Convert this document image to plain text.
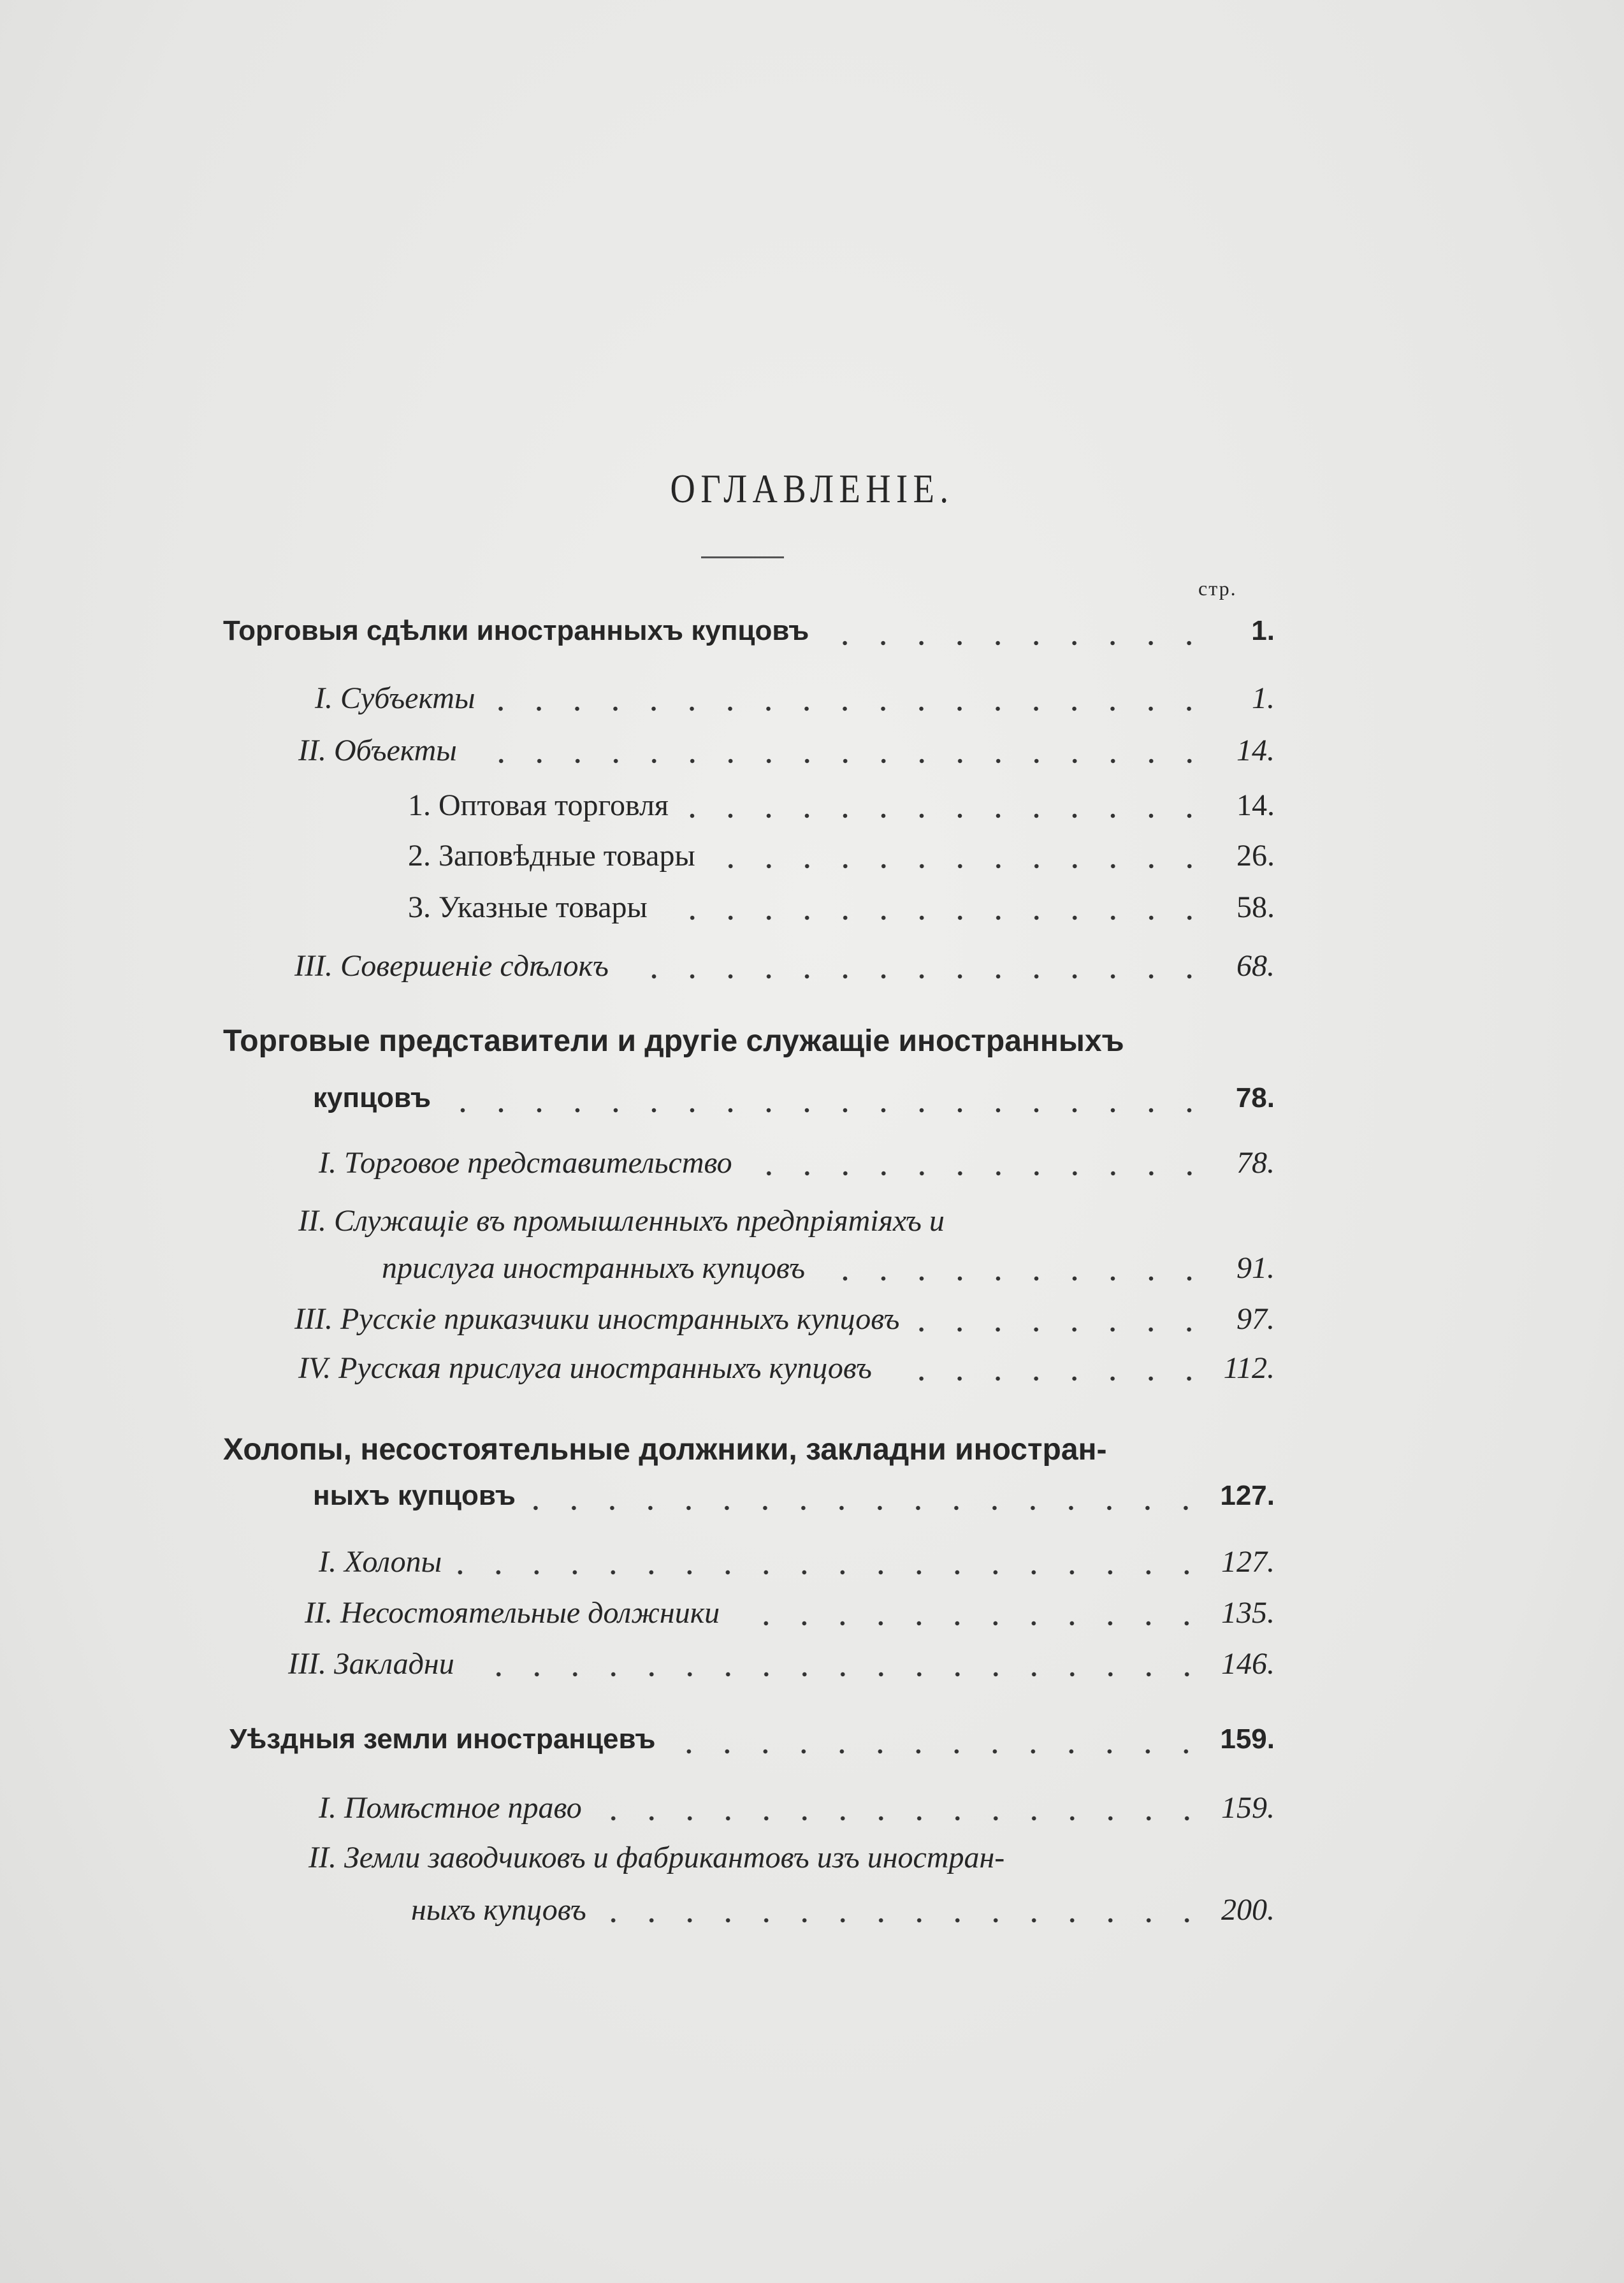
ОГЛАВЛЕНІЕ.
стр.
Торговыя сдѣлки иностранныхъ купцовъ	1.
I. Субъекты	1.
II. Объекты	14.
1. Оптовая торговля	14.
2. Заповѣдные товары	26.
3. Указные товары	58.
III. Совершеніе сдѣлокъ	68.
Торговые представители и другіе служащіе иностранныхъ
купцовъ	78.
I. Торговое представительство	78.
II. Служащіе въ промышленныхъ предпріятіяхъ и
прислуга иностранныхъ купцовъ	91.
III. Русскіе приказчики иностранныхъ купцовъ	97.
IV. Русская прислуга иностранныхъ купцовъ	112.
Холопы, несостоятельные должники, закладни иностран-
ныхъ купцовъ	127.
I. Холопы	127.
II. Несостоятельные должники	135.
III. Закладни	146.
Уѣздныя земли иностранцевъ	159.
I. Помѣстное право	159.
II. Земли заводчиковъ и фабрикантовъ изъ иностран-
ныхъ купцовъ	200.
